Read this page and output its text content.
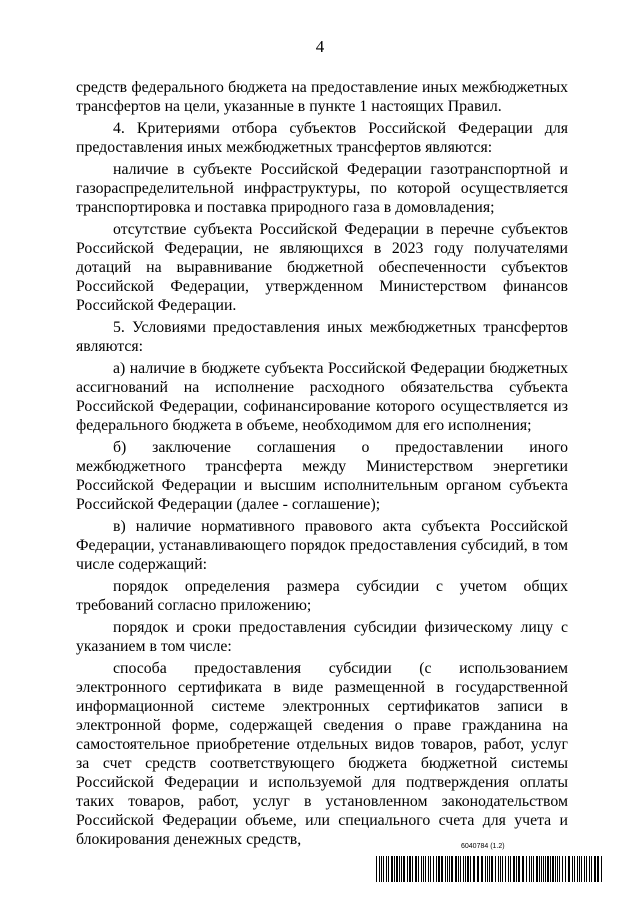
4

средств федерального бюджета на предоставление иных межбюджетных трансфертов на цели, указанные в пункте 1 настоящих Правил.

4. Критериями отбора субъектов Российской Федерации для предоставления иных межбюджетных трансфертов являются:

наличие в субъекте Российской Федерации газотранспортной и газораспределительной инфраструктуры, по которой осуществляется транспортировка и поставка природного газа в домовладения;

отсутствие субъекта Российской Федерации в перечне субъектов Российской Федерации, не являющихся в 2023 году получателями дотаций на выравнивание бюджетной обеспеченности субъектов Российской Федерации, утвержденном Министерством финансов Российской Федерации.

5. Условиями предоставления иных межбюджетных трансфертов являются:

а) наличие в бюджете субъекта Российской Федерации бюджетных ассигнований на исполнение расходного обязательства субъекта Российской Федерации, софинансирование которого осуществляется из федерального бюджета в объеме, необходимом для его исполнения;

б) заключение соглашения о предоставлении иного межбюджетного трансферта между Министерством энергетики Российской Федерации и высшим исполнительным органом субъекта Российской Федерации (далее - соглашение);

в) наличие нормативного правового акта субъекта Российской Федерации, устанавливающего порядок предоставления субсидий, в том числе содержащий:

порядок определения размера субсидии с учетом общих требований согласно приложению;

порядок и сроки предоставления субсидии физическому лицу с указанием в том числе:

способа предоставления субсидии (с использованием электронного сертификата в виде размещенной в государственной информационной системе электронных сертификатов записи в электронной форме, содержащей сведения о праве гражданина на самостоятельное приобретение отдельных видов товаров, работ, услуг за счет средств соответствующего бюджета бюджетной системы Российской Федерации и используемой для подтверждения оплаты таких товаров, работ, услуг в установленном законодательством Российской Федерации объеме, или специального счета для учета и блокирования денежных средств,	6040784 (1.2)
